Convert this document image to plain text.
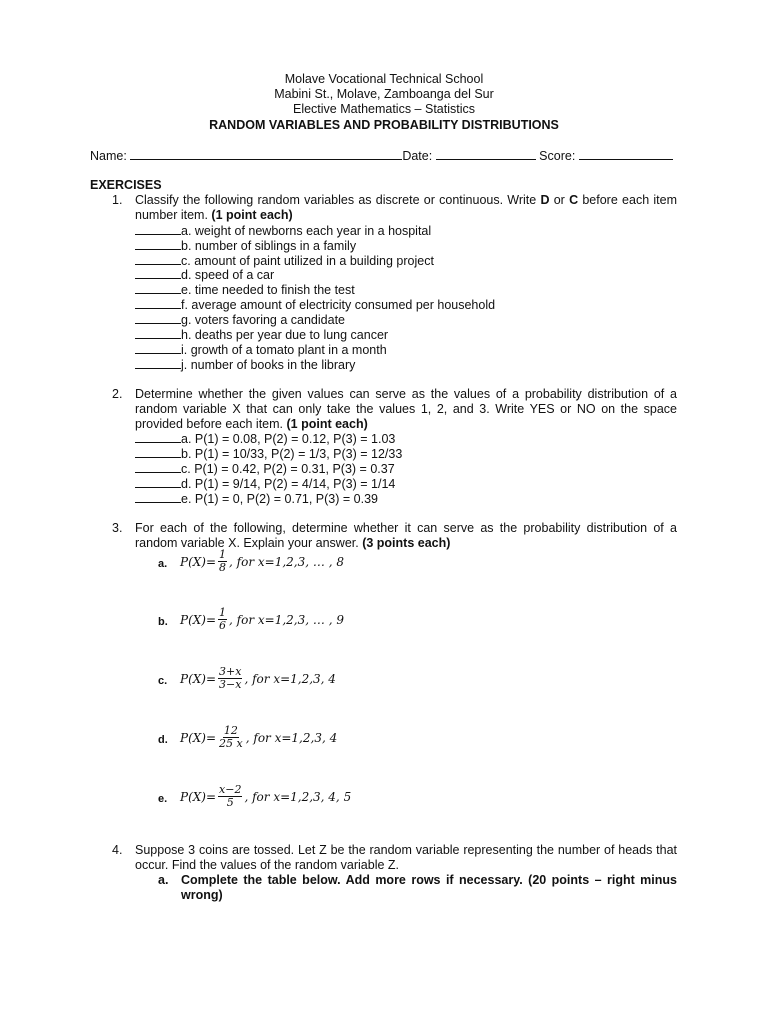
Molave Vocational Technical School
Mabini St., Molave, Zamboanga del Sur
Elective Mathematics – Statistics
RANDOM VARIABLES AND PROBABILITY DISTRIBUTIONS
Name:	Date:	Score:
EXERCISES
1. Classify the following random variables as discrete or continuous. Write D or C before each item number item. (1 point each)
a. weight of newborns each year in a hospital
b. number of siblings in a family
c. amount of paint utilized in a building project
d. speed of a car
e. time needed to finish the test
f. average amount of electricity consumed per household
g. voters favoring a candidate
h. deaths per year due to lung cancer
i. growth of a tomato plant in a month
j. number of books in the library
2. Determine whether the given values can serve as the values of a probability distribution of a random variable X that can only take the values 1, 2, and 3. Write YES or NO on the space provided before each item. (1 point each)
a. P(1) = 0.08, P(2) = 0.12, P(3) = 1.03
b. P(1) = 10/33, P(2) = 1/3, P(3) = 12/33
c. P(1) = 0.42, P(2) = 0.31, P(3) = 0.37
d. P(1) = 9/14, P(2) = 4/14, P(3) = 1/14
e. P(1) = 0, P(2) = 0.71, P(3) = 0.39
3. For each of the following, determine whether it can serve as the probability distribution of a random variable X. Explain your answer. (3 points each)
a. $P(X)= \frac{1}{8}$ , for x=1,2,3, … , 8
b. $P(X)= \frac{1}{6}$ , for x=1,2,3, … , 9
c. $P(X)= \frac{3+x}{3-x}$ , for x=1,2,3, 4
d. $P(X)= \frac{12}{25 x}$ , for x=1,2,3, 4
e. $P(X)= \frac{x-2}{5}$ , for x=1,2,3, 4, 5
4. Suppose 3 coins are tossed. Let Z be the random variable representing the number of heads that occur. Find the values of the random variable Z.
a. Complete the table below. Add more rows if necessary. (20 points – right minus wrong)
